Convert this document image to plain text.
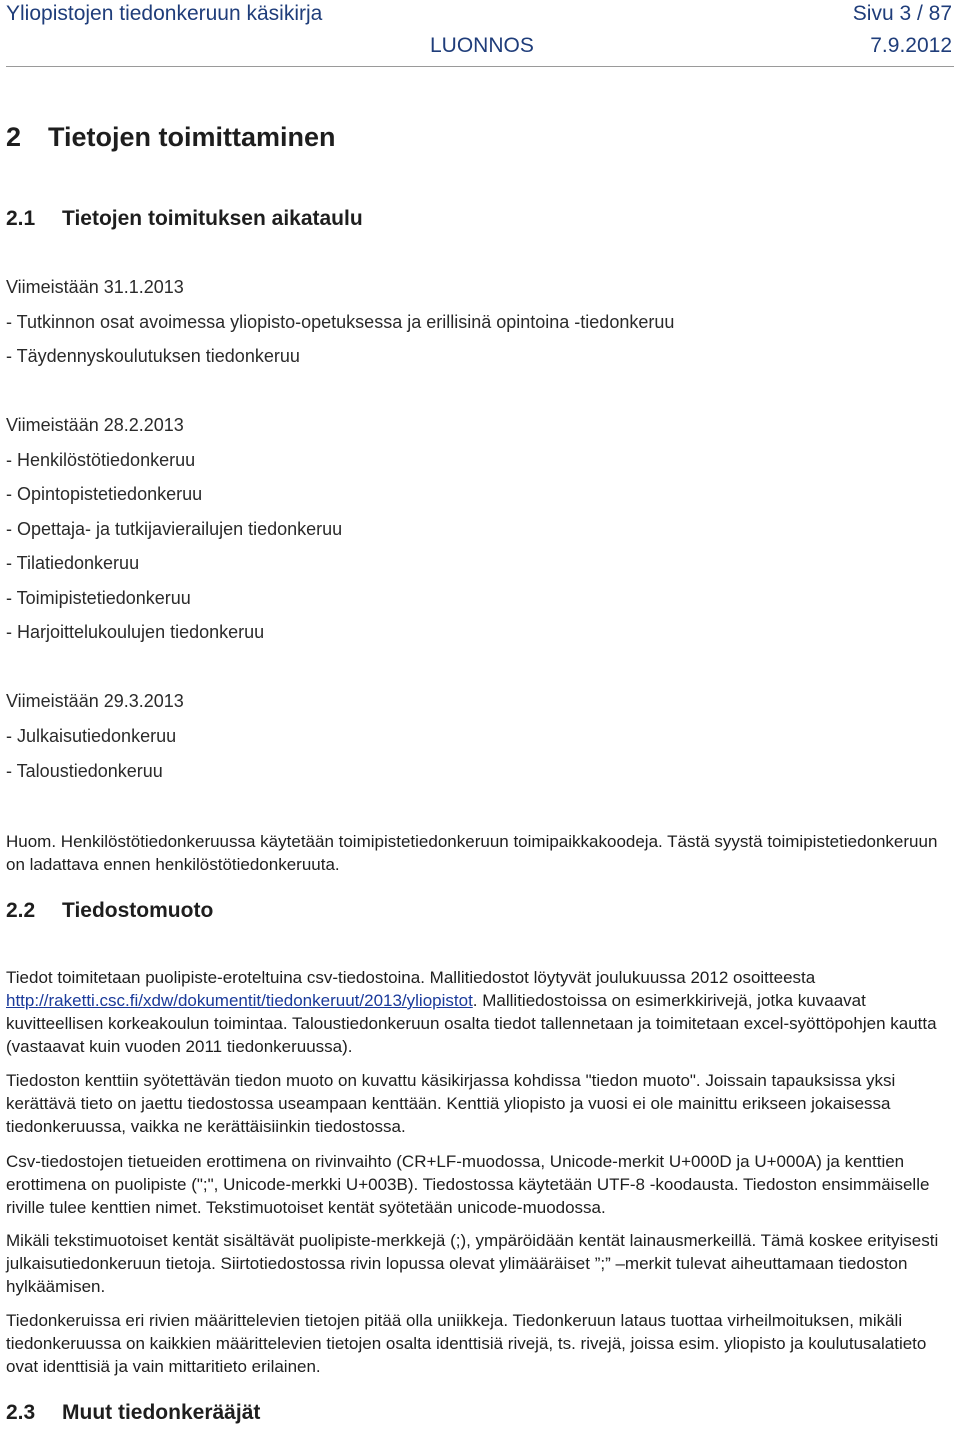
Yliopistojen tiedonkeruun käsikirja	Sivu 3 / 87
LUONNOS	7.9.2012
2 Tietojen toimittaminen
2.1 Tietojen toimituksen aikataulu
Viimeistään 31.1.2013
- Tutkinnon osat avoimessa yliopisto-opetuksessa ja erillisinä opintoina -tiedonkeruu
- Täydennyskoulutuksen tiedonkeruu
Viimeistään 28.2.2013
- Henkilöstötiedonkeruu
- Opintopistetiedonkeruu
- Opettaja- ja tutkijavierailujen tiedonkeruu
- Tilatiedonkeruu
- Toimipistetiedonkeruu
- Harjoittelukoulujen tiedonkeruu
Viimeistään 29.3.2013
- Julkaisutiedonkeruu
- Taloustiedonkeruu
Huom. Henkilöstötiedonkeruussa käytetään toimipistetiedonkeruun toimipaikkakoodeja. Tästä syystä toimipistetiedonkeruun on ladattava ennen henkilöstötiedonkeruuta.
2.2 Tiedostomuoto
Tiedot toimitetaan puolipiste-eroteltuina csv-tiedostoina. Mallitiedostot löytyvät joulukuussa 2012 osoitteesta http://raketti.csc.fi/xdw/dokumentit/tiedonkeruut/2013/yliopistot. Mallitiedostoissa on esimerkkirivejä, jotka kuvaavat kuvitteellisen korkeakoulun toimintaa. Taloustiedonkeruun osalta tiedot tallennetaan ja toimitetaan excel-syöttöpohjen kautta (vastaavat kuin vuoden 2011 tiedonkeruussa).
Tiedoston kenttiin syötettävän tiedon muoto on kuvattu käsikirjassa kohdissa "tiedon muoto". Joissain tapauksissa yksi kerättävä tieto on jaettu tiedostossa useampaan kenttään. Kenttiä yliopisto ja vuosi ei ole mainittu erikseen jokaisessa tiedonkeruussa, vaikka ne kerättäisiinkin tiedostossa.
Csv-tiedostojen tietueiden erottimena on rivinvaihto (CR+LF-muodossa, Unicode-merkit U+000D ja U+000A) ja kenttien erottimena on puolipiste (";", Unicode-merkki U+003B). Tiedostossa käytetään UTF-8 -koodausta. Tiedoston ensimmäiselle riville tulee kenttien nimet. Tekstimuotoiset kentät syötetään unicode-muodossa.
Mikäli tekstimuotoiset kentät sisältävät puolipiste-merkkejä (;), ympäröidään kentät lainausmerkeillä. Tämä koskee erityisesti julkaisutiedonkeruun tietoja. Siirtotiedostossa rivin lopussa olevat ylimääräiset ”;” –merkit tulevat aiheuttamaan tiedoston hylkäämisen.
Tiedonkeruissa eri rivien määrittelevien tietojen pitää olla uniikkeja. Tiedonkeruun lataus tuottaa virheilmoituksen, mikäli tiedonkeruussa on kaikkien määrittelevien tietojen osalta identtisiä rivejä, ts. rivejä, joissa esim. yliopisto ja koulutusalatieto ovat identtisiä ja vain mittaritieto erilainen.
2.3 Muut tiedonkerääjät
